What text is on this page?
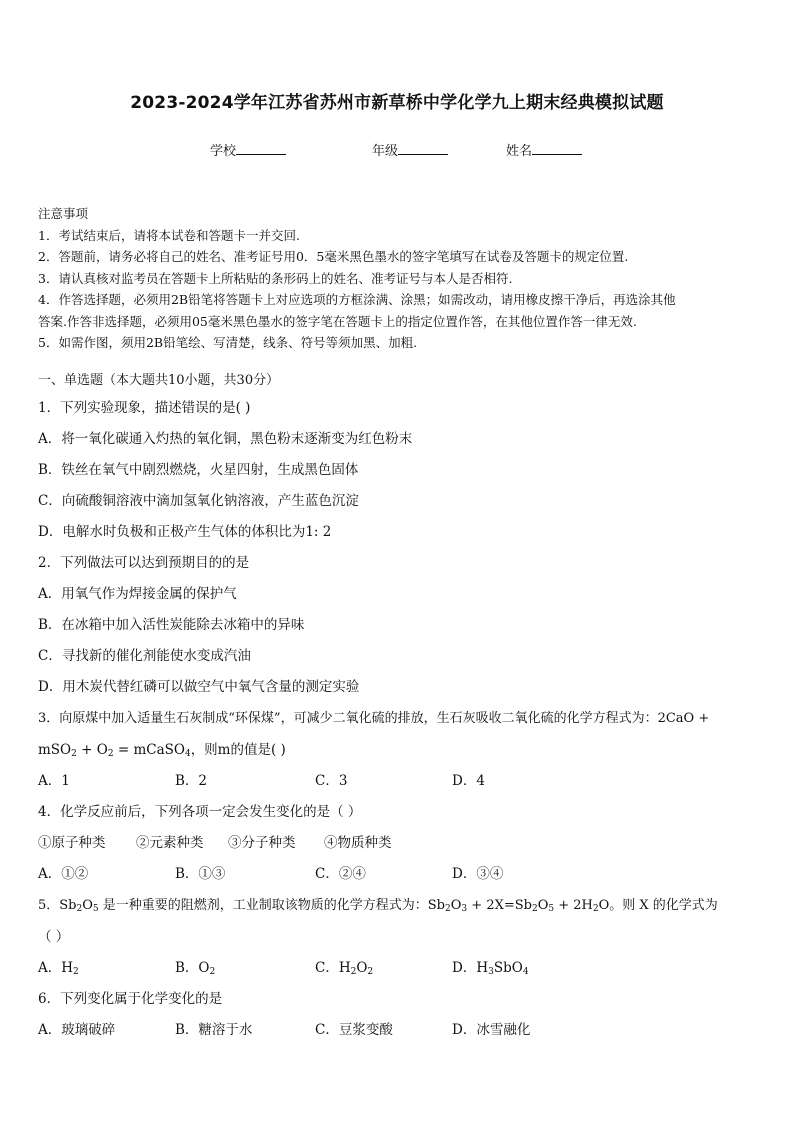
2023-2024学年江苏省苏州市新草桥中学化学九上期末经典模拟试题
学校	年级	姓名
注意事项
1．考试结束后，请将本试卷和答题卡一并交回.
2．答题前，请务必将自己的姓名、准考证号用0．5毫米黑色墨水的签字笔填写在试卷及答题卡的规定位置.
3．请认真核对监考员在答题卡上所粘贴的条形码上的姓名、准考证号与本人是否相符.
4．作答选择题，必须用2B铅笔将答题卡上对应选项的方框涂满、涂黑；如需改动，请用橡皮擦干净后，再选涂其他
答案.作答非选择题，必须用05毫米黑色墨水的签字笔在答题卡上的指定位置作答，在其他位置作答一律无效.
5．如需作图，须用2B铅笔绘、写清楚，线条、符号等须加黑、加粗.
一、单选题（本大题共10小题，共30分）
1．下列实验现象，描述错误的是( )
A．将一氧化碳通入灼热的氧化铜，黑色粉末逐渐变为红色粉末
B．铁丝在氧气中剧烈燃烧，火星四射，生成黑色固体
C．向硫酸铜溶液中滴加氢氧化钠溶液，产生蓝色沉淀
D．电解水时负极和正极产生气体的体积比为1: 2
2．下列做法可以达到预期目的的是
A．用氧气作为焊接金属的保护气
B．在冰箱中加入活性炭能除去冰箱中的异味
C．寻找新的催化剂能使水变成汽油
D．用木炭代替红磷可以做空气中氧气含量的测定实验
3．向原煤中加入适量生石灰制成“环保煤”，可减少二氧化硫的排放，生石灰吸收二氧化硫的化学方程式为：2CaO +
$mSO_2 + O_2$ = mCaSO$_4$，则m的值是( )
A．1	B．2	C．3	D．4
4．化学反应前后，下列各项一定会发生变化的是（ ）
①原子种类 ②元素种类 ③分子种类 ④物质种类
A．①②	B．①③	C．②④	D．③④
5．$Sb_2O_5$ 是一种重要的阻燃剂，工业制取该物质的化学方程式为：$Sb_2O_3 + 2X=Sb_2O_5 + 2H_2O$。则 X 的化学式为
（ ）
A．$H_2$	B．$O_2$	C．$H_2O_2$	D．$H_3SbO_4$
6．下列变化属于化学变化的是
A．玻璃破碎	B．糖溶于水	C．豆浆变酸	D．冰雪融化
